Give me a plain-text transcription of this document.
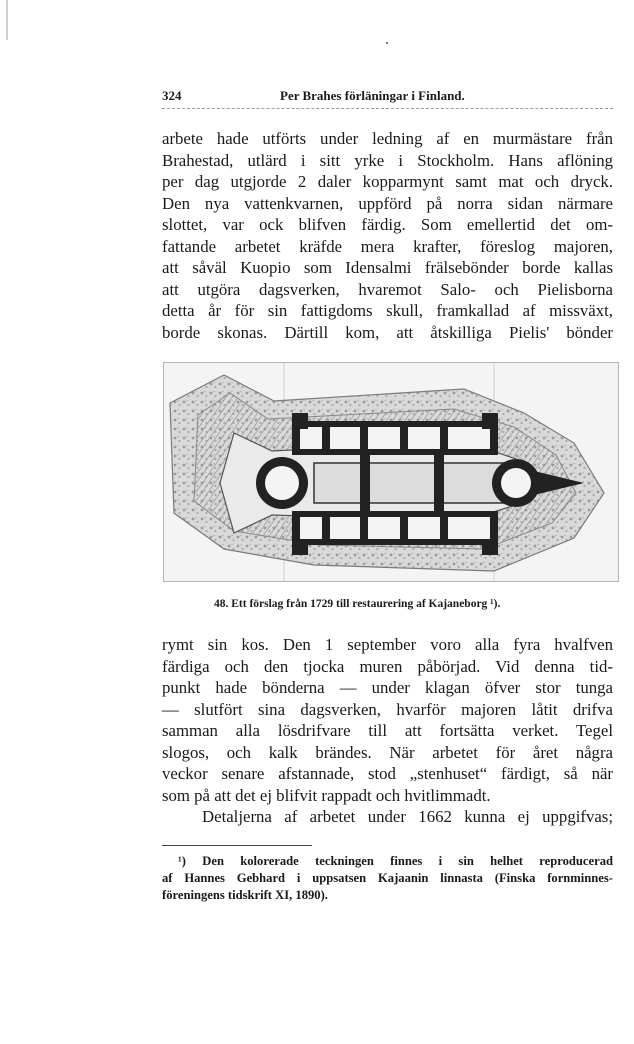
324	Per Brahes förläningar i Finland.
arbete hade utförts under ledning af en murmästare från
Brahestad, utlärd i sitt yrke i Stockholm. Hans aflöning
per dag utgjorde 2 daler kopparmynt samt mat och dryck.
Den nya vattenkvarnen, uppförd på norra sidan närmare
slottet, var ock blifven färdig. Som emellertid det om-
fattande arbetet kräfde mera krafter, föreslog majoren,
att såväl Kuopio som Idensalmi frälsebönder borde kallas
att utgöra dagsverken, hvaremot Salo- och Pielisborna
detta år för sin fattigdoms skull, framkallad af missväxt,
borde skonas. Därtill kom, att åtskilliga Pielis' bönder
48. Ett förslag från 1729 till restaurering af Kajaneborg ¹).
rymt sin kos. Den 1 september voro alla fyra hvalfven
färdiga och den tjocka muren påbörjad. Vid denna tid-
punkt hade bönderna — under klagan öfver stor tunga
— slutfört sina dagsverken, hvarför majoren låtit drifva
samman alla lösdrifvare till att fortsätta verket. Tegel
slogos, och kalk brändes. När arbetet för året några
veckor senare afstannade, stod „stenhuset“ färdigt, så när
som på att det ej blifvit rappadt och hvitlimmadt.
Detaljerna af arbetet under 1662 kunna ej uppgifvas;
¹) Den kolorerade teckningen finnes i sin helhet reproducerad
af Hannes Gebhard i uppsatsen Kajaanin linnasta (Finska fornminnes-
föreningens tidskrift XI, 1890).
